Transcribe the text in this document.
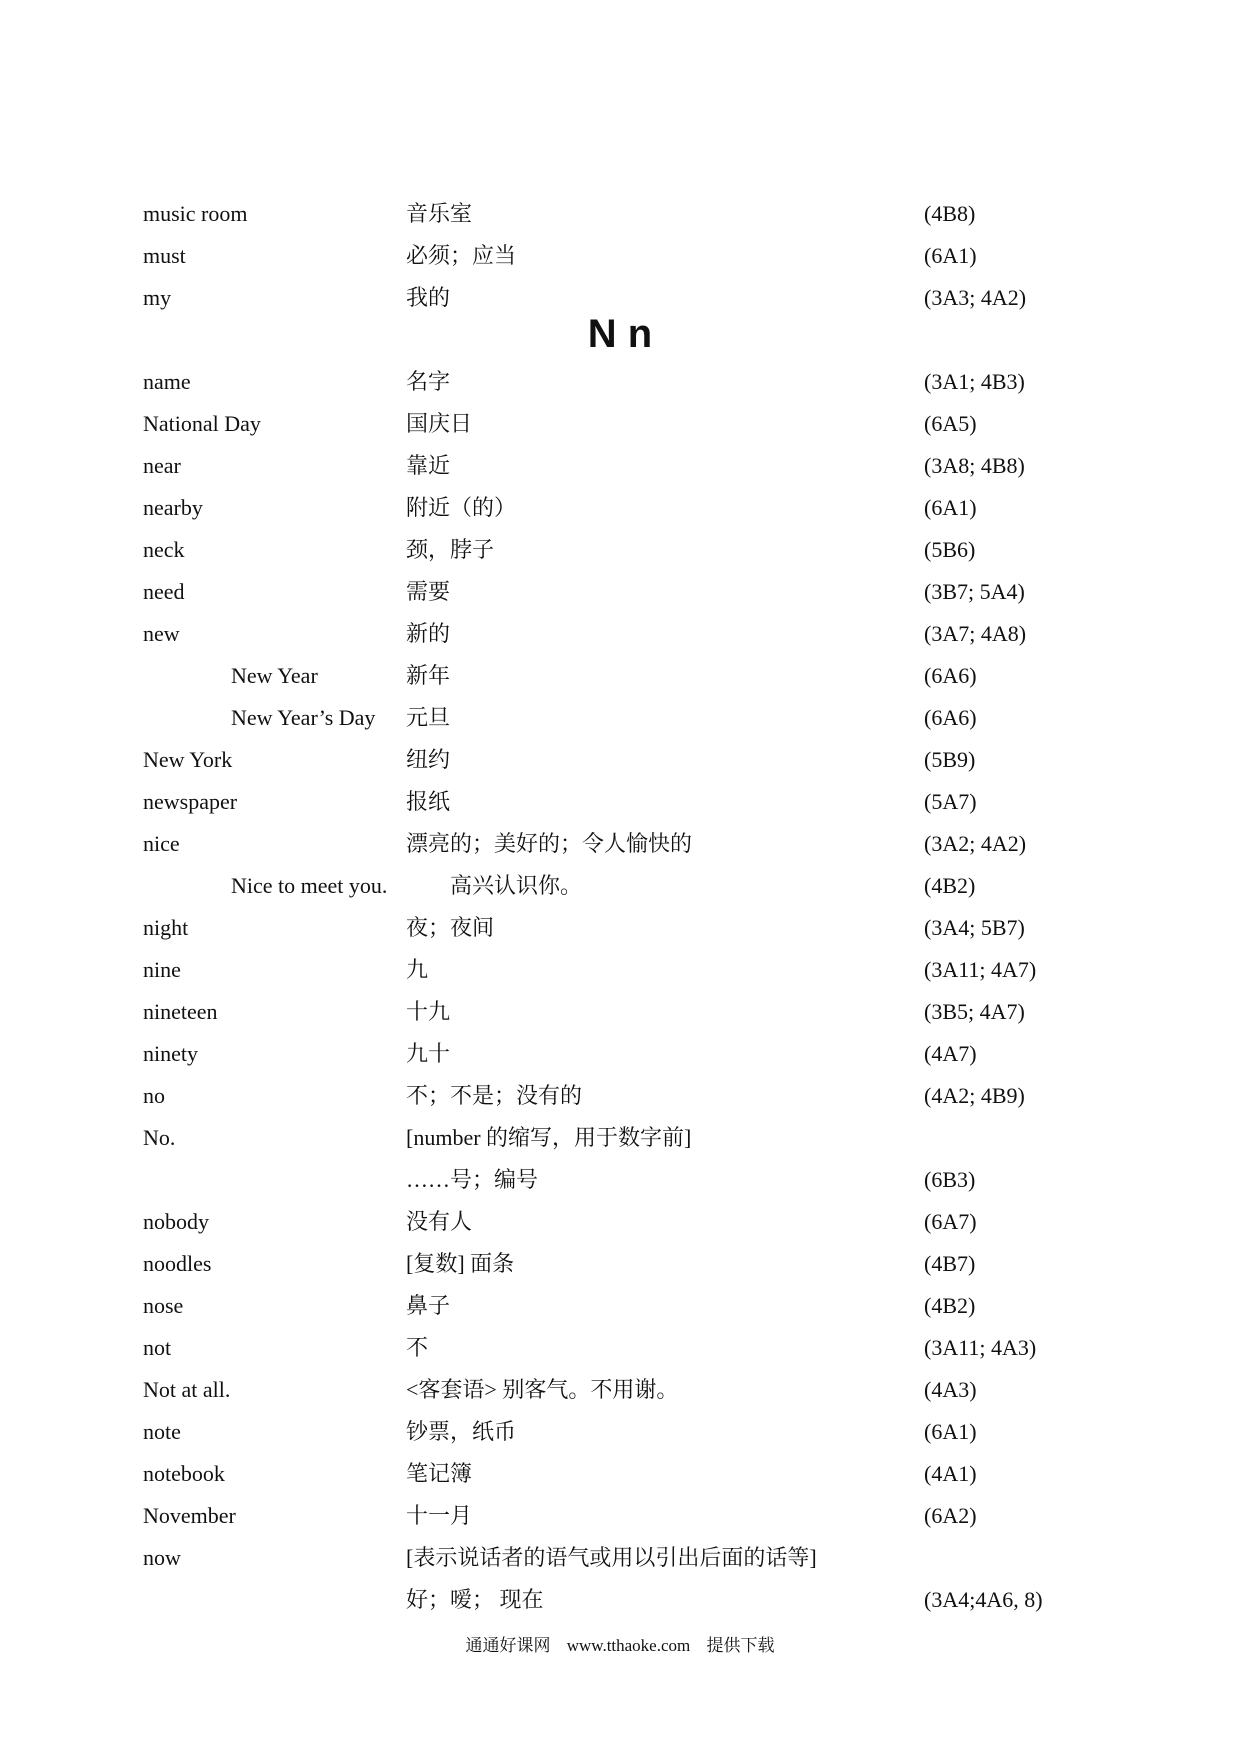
music room	音乐室	(4B8)
must	必须；应当	(6A1)
my	我的	(3A3; 4A2)
N n
name	名字	(3A1; 4B3)
National Day	国庆日	(6A5)
near	靠近	(3A8; 4B8)
nearby	附近（的）	(6A1)
neck	颈，脖子	(5B6)
need	需要	(3B7; 5A4)
new	新的	(3A7; 4A8)
New Year	新年	(6A6)
New Year’s Day 元旦	(6A6)
New York	纽约	(5B9)
newspaper	报纸	(5A7)
nice	漂亮的；美好的；令人愉快的	(3A2; 4A2)
Nice to meet you.	高兴认识你。	(4B2)
night	夜；夜间	(3A4; 5B7)
nine	九	(3A11; 4A7)
nineteen	十九	(3B5; 4A7)
ninety	九十	(4A7)
no	不；不是；没有的	(4A2; 4B9)
No.	[number 的缩写，用于数字前]
……号；编号	(6B3)
nobody	没有人	(6A7)
noodles	[复数] 面条	(4B7)
nose	鼻子	(4B2)
not	不	(3A11; 4A3)
Not at all.	<客套语> 别客气。不用谢。	(4A3)
note	钞票，纸币	(6A1)
notebook	笔记簿	(4A1)
November	十一月	(6A2)
now	[表示说话者的语气或用以引出后面的话等]
好；嗳； 现在	(3A4;4A6, 8)
通通好课网 www.tthaoke.com 提供下载
